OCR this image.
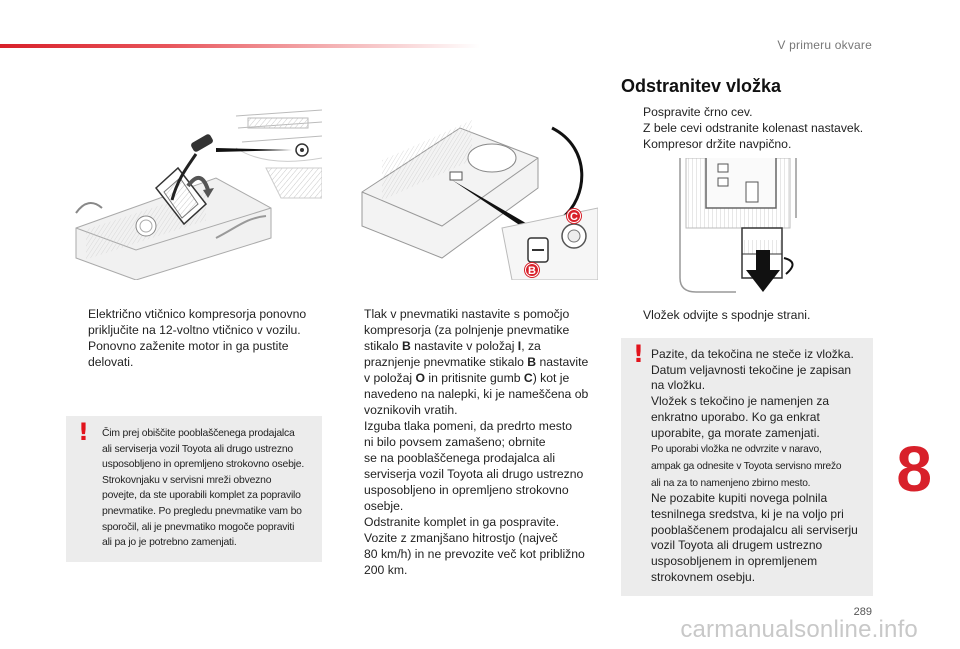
V primeru okvare
C
B
Električno vtičnico kompresorja ponovno
priključite na 12-voltno vtičnico v vozilu.
Ponovno zaženite motor in ga pustite
delovati.
! Čim prej obiščite pooblaščenega prodajalca
ali serviserja vozil Toyota ali drugo ustrezno
usposobljeno in opremljeno strokovno osebje.
Strokovnjaku v servisni mreži obvezno
povejte, da ste uporabili komplet za popravilo
pnevmatike. Po pregledu pnevmatike vam bo
sporočil, ali je pnevmatiko mogoče popraviti
ali pa jo je potrebno zamenjati.
Tlak v pnevmatiki nastavite s pomočjo
kompresorja (za polnjenje pnevmatike
stikalo B nastavite v položaj I, za
praznjenje pnevmatike stikalo B nastavite
v položaj O in pritisnite gumb C) kot je
navedeno na nalepki, ki je nameščena ob
voznikovih vratih.
Izguba tlaka pomeni, da predrto mesto
ni bilo povsem zamašeno; obrnite
se na pooblaščenega prodajalca ali
serviserja vozil Toyota ali drugo ustrezno
usposobljeno in opremljeno strokovno
osebje.
Odstranite komplet in ga pospravite.
Vozite z zmanjšano hitrostjo (največ
80 km/h) in ne prevozite več kot približno
200 km.
Odstranitev vložka
Pospravite črno cev.
Z bele cevi odstranite kolenast nastavek.
Kompresor držite navpično.
Vložek odvijte s spodnje strani.
! Pazite, da tekočina ne steče iz vložka.
Datum veljavnosti tekočine je zapisan
na vložku.
Vložek s tekočino je namenjen za
enkratno uporabo. Ko ga enkrat
uporabite, ga morate zamenjati.
Po uporabi vložka ne odvrzite v naravo,
ampak ga odnesite v Toyota servisno mrežo
ali na za to namenjeno zbirno mesto.
Ne pozabite kupiti novega polnila
tesnilnega sredstva, ki je na voljo pri
pooblaščenem prodajalcu ali serviserju
vozil Toyota ali drugem ustrezno
usposobljenem in opremljenem
strokovnem osebju.
8
289
carmanualsonline.info
